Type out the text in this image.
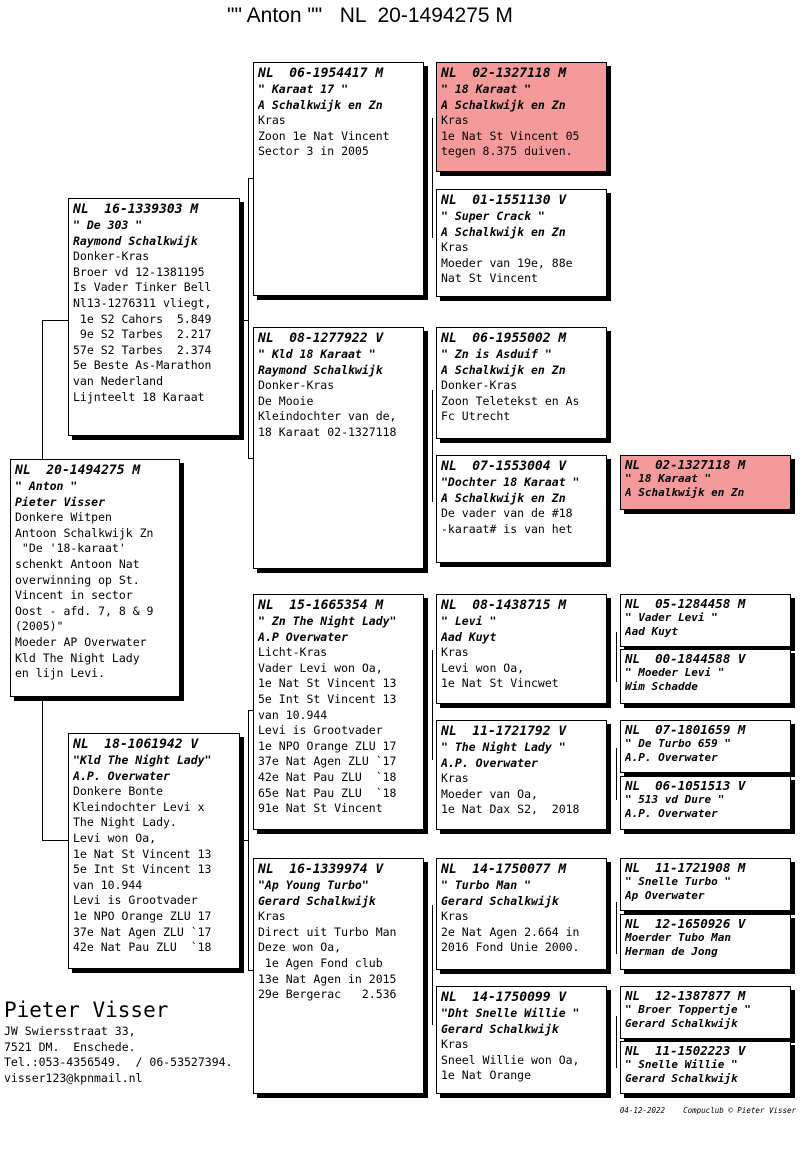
"" Anton ""   NL  20-1494275 M
NL  20-1494275 M
" Anton "
Pieter Visser
Donkere Witpen
Antoon Schalkwijk Zn
"De '18-karaat'
schenkt Antoon Nat
overwinning op St.
Vincent in sector
Oost - afd. 7, 8 & 9
(2005)"
Moeder AP Overwater
Kld The Night Lady
en lijn Levi.
NL  16-1339303 M
" De 303 "
Raymond Schalkwijk
Donker-Kras
Broer vd 12-1381195
Is Vader Tinker Bell
Nl13-1276311 vliegt,
1e S2 Cahors  5.849
9e S2 Tarbes  2.217
57e S2 Tarbes  2.374
5e Beste As-Marathon
van Nederland
Lijnteelt 18 Karaat
NL  18-1061942 V
"Kld The Night Lady"
A.P. Overwater
Donkere Bonte
Kleindochter Levi x
The Night Lady.
Levi won Oa,
1e Nat St Vincent 13
5e Int St Vincent 13
van 10.944
Levi is Grootvader
1e NPO Orange ZLU 17
37e Nat Agen ZLU `17
42e Nat Pau ZLU  `18
NL  06-1954417 M
" Karaat 17 "
A Schalkwijk en Zn
Kras
Zoon 1e Nat Vincent
Sector 3 in 2005
NL  08-1277922 V
" Kld 18 Karaat "
Raymond Schalkwijk
Donker-Kras
De Mooie
Kleindochter van de,
18 Karaat 02-1327118
NL  15-1665354 M
" Zn The Night Lady"
A.P Overwater
Licht-Kras
Vader Levi won Oa,
1e Nat St Vincent 13
5e Int St Vincent 13
van 10.944
Levi is Grootvader
1e NPO Orange ZLU 17
37e Nat Agen ZLU `17
42e Nat Pau ZLU  `18
65e Nat Pau ZLU  `18
91e Nat St Vincent
NL  16-1339974 V
"Ap Young Turbo"
Gerard Schalkwijk
Kras
Direct uit Turbo Man
Deze won Oa,
1e Agen Fond club
13e Nat Agen in 2015
29e Bergerac   2.536
NL  02-1327118 M
" 18 Karaat "
A Schalkwijk en Zn
Kras
1e Nat St Vincent 05
tegen 8.375 duiven.
NL  01-1551130 V
" Super Crack "
A Schalkwijk en Zn
Kras
Moeder van 19e, 88e
Nat St Vincent
NL  06-1955002 M
" Zn is Asduif "
A Schalkwijk en Zn
Donker-Kras
Zoon Teletekst en As
Fc Utrecht
NL  07-1553004 V
"Dochter 18 Karaat "
A Schalkwijk en Zn
De vader van de #18
-karaat# is van het
NL  08-1438715 M
" Levi "
Aad Kuyt
Kras
Levi won Oa,
1e Nat St Vincwet
NL  11-1721792 V
" The Night Lady "
A.P. Overwater
Kras
Moeder van Oa,
1e Nat Dax S2,  2018
NL  14-1750077 M
" Turbo Man "
Gerard Schalkwijk
Kras
2e Nat Agen 2.664 in
2016 Fond Unie 2000.
NL  14-1750099 V
"Dht Snelle Willie "
Gerard Schalkwijk
Kras
Sneel Willie won Oa,
1e Nat Orange
NL  02-1327118 M
" 18 Karaat "
A Schalkwijk en Zn
NL  05-1284458 M
" Vader Levi "
Aad Kuyt
NL  00-1844588 V
" Moeder Levi "
Wim Schadde
NL  07-1801659 M
" De Turbo 659 "
A.P. Overwater
NL  06-1051513 V
" 513 vd Dure "
A.P. Overwater
NL  11-1721908 M
" Snelle Turbo "
Ap Overwater
NL  12-1650926 V
Moerder Tubo Man
Herman de Jong
NL  12-1387877 M
" Broer Toppertje "
Gerard Schalkwijk
NL  11-1502223 V
" Snelle Willie "
Gerard Schalkwijk
Pieter Visser
JW Swiersstraat 33,
7521 DM.  Enschede.
Tel.:053-4356549.  / 06-53527394.
visser123@kpnmail.nl
04-12-2022    Compuclub © Pieter Visser
